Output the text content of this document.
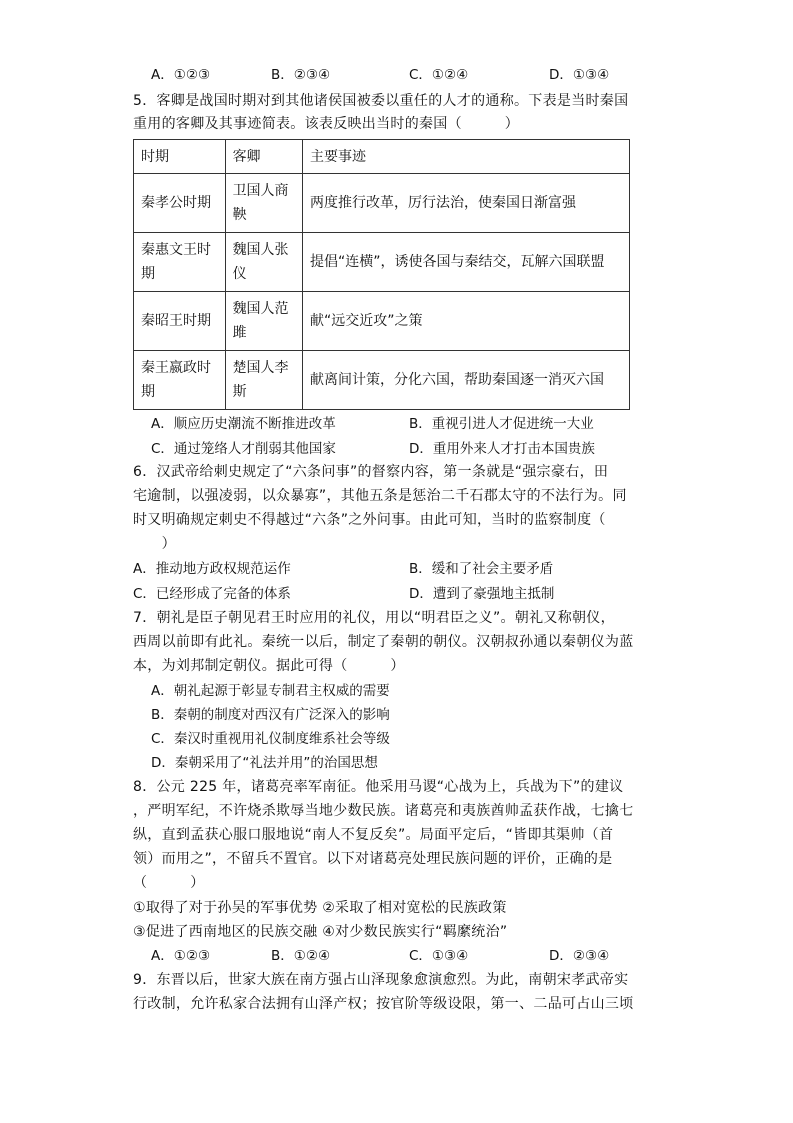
A．①②③	B．②③④	C．①②④	D．①③④
5．客卿是战国时期对到其他诸侯国被委以重任的人才的通称。下表是当时秦国
重用的客卿及其事迹简表。该表反映出当时的秦国（　　　）
时期	客卿	主要事迹
秦孝公时期	卫国人商鞅	两度推行改革，厉行法治，使秦国日渐富强
秦惠文王时期	魏国人张仪	提倡“连横”，诱使各国与秦结交，瓦解六国联盟
秦昭王时期	魏国人范雎	献“远交近攻”之策
秦王嬴政时期	楚国人李斯	献离间计策，分化六国，帮助秦国逐一消灭六国
A．顺应历史潮流不断推进改革	B．重视引进人才促进统一大业
C．通过笼络人才削弱其他国家	D．重用外来人才打击本国贵族
6．汉武帝给刺史规定了“六条问事”的督察内容，第一条就是“强宗豪右，田
宅逾制，以强凌弱，以众暴寡”，其他五条是惩治二千石郡太守的不法行为。同
时又明确规定刺史不得越过“六条”之外问事。由此可知，当时的监察制度（
　　）
A．推动地方政权规范运作	B．缓和了社会主要矛盾
C．已经形成了完备的体系	D．遭到了豪强地主抵制
7．朝礼是臣子朝见君王时应用的礼仪，用以“明君臣之义”。朝礼又称朝仪，
西周以前即有此礼。秦统一以后，制定了秦朝的朝仪。汉朝叔孙通以秦朝仪为蓝
本，为刘邦制定朝仪。据此可得（　　　）
A．朝礼起源于彰显专制君主权威的需要
B．秦朝的制度对西汉有广泛深入的影响
C．秦汉时重视用礼仪制度维系社会等级
D．秦朝采用了“礼法并用”的治国思想
8．公元 225 年，诸葛亮率军南征。他采用马谡“心战为上，兵战为下”的建议
，严明军纪，不许烧杀欺辱当地少数民族。诸葛亮和夷族酋帅孟获作战，七擒七
纵，直到孟获心服口服地说“南人不复反矣”。局面平定后，“皆即其渠帅（首
领）而用之”，不留兵不置官。以下对诸葛亮处理民族问题的评价，正确的是
（　　　）
①取得了对于孙吴的军事优势 ②采取了相对宽松的民族政策
③促进了西南地区的民族交融 ④对少数民族实行“羁縻统治”
A．①②③	B．①②④	C．①③④	D．②③④
9．东晋以后，世家大族在南方强占山泽现象愈演愈烈。为此，南朝宋孝武帝实
行改制，允许私家合法拥有山泽产权；按官阶等级设限，第一、二品可占山三顷
